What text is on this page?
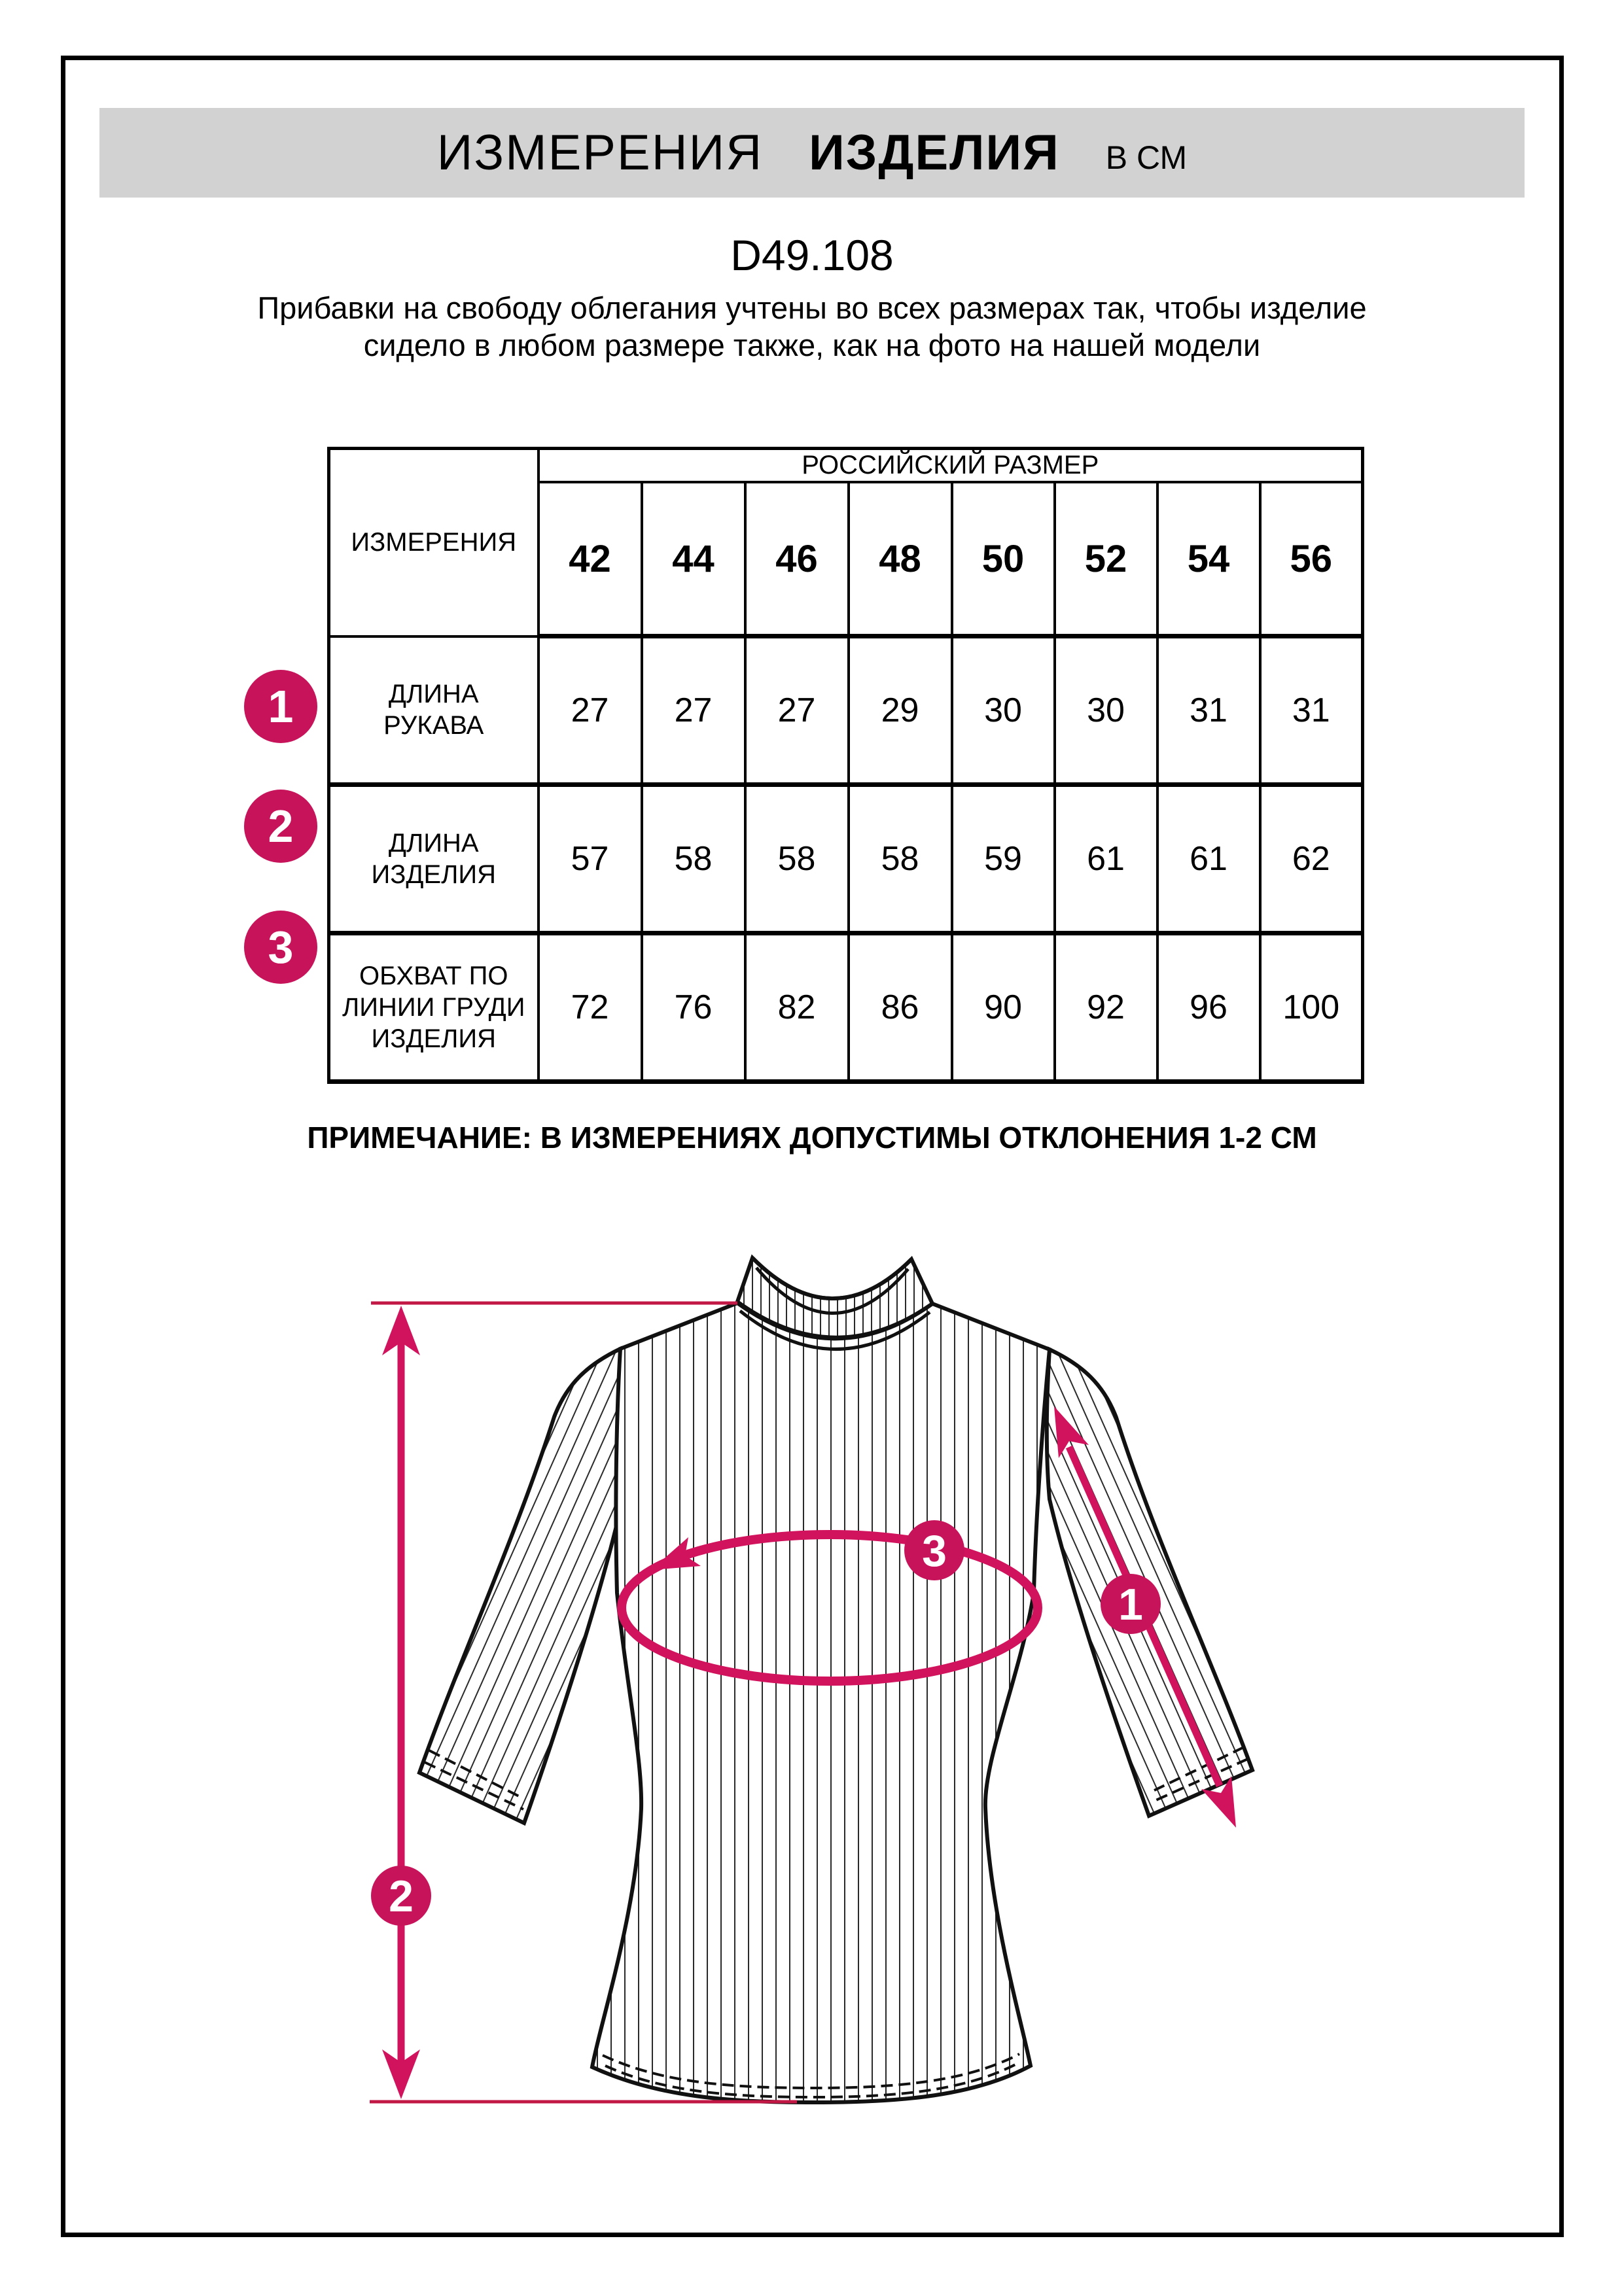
ИЗМЕРЕНИЯ ИЗДЕЛИЯ В СМ
D49.108
Прибавки на свободу облегания учтены во всех размерах так, чтобы изделие сидело в любом размере также, как на фото на нашей модели
ИЗМЕРЕНИЯ	РОССИЙСКИЙ РАЗМЕР							
	42	44	46	48	50	52	54	56
ДЛИНА РУКАВА	27	27	27	29	30	30	31	31
ДЛИНА ИЗДЕЛИЯ	57	58	58	58	59	61	61	62
ОБХВАТ ПО ЛИНИИ ГРУДИ ИЗДЕЛИЯ	72	76	82	86	90	92	96	100
1
2
3
ПРИМЕЧАНИЕ: В ИЗМЕРЕНИЯХ ДОПУСТИМЫ ОТКЛОНЕНИЯ 1-2 СМ
1
2
3
